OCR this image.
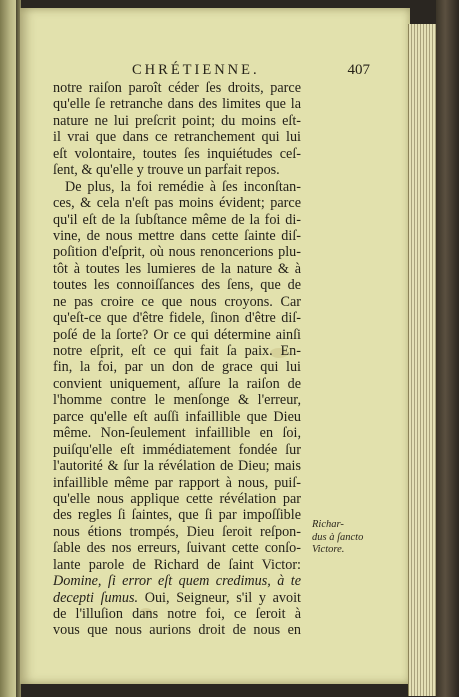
CHRÉTIENNE.	407
notre raiſon paroît céder ſes droits, parce
qu'elle ſe retranche dans des limites que la
nature ne lui preſcrit point; du moins eſt-
il vrai que dans ce retranchement qui lui
eſt volontaire, toutes ſes inquiétudes ceſ-
ſent, & qu'elle y trouve un parfait repos.
De plus, la foi remédie à ſes inconſtan-
ces, & cela n'eſt pas moins évident; parce
qu'il eſt de la ſubſtance même de la foi di-
vine, de nous mettre dans cette ſainte diſ-
poſition d'eſprit, où nous renoncerions plu-
tôt à toutes les lumieres de la nature & à
toutes les connoiſſances des ſens, que de
ne pas croire ce que nous croyons. Car
qu'eſt-ce que d'être fidele, ſinon d'être diſ-
poſé de la ſorte? Or ce qui détermine ainſi
notre eſprit, eſt ce qui fait ſa paix. En-
fin, la foi, par un don de grace qui lui
convient uniquement, aſſure la raiſon de
l'homme contre le menſonge & l'erreur,
parce qu'elle eſt auſſi infaillible que Dieu
même. Non-ſeulement infaillible en ſoi,
puiſqu'elle eſt immédiatement fondée ſur
l'autorité & ſur la révélation de Dieu; mais
infaillible même par rapport à nous, puiſ-
qu'elle nous applique cette révélation par
des regles ſi ſaintes, que ſi par impoſſible
nous étions trompés, Dieu ſeroit reſpon-
ſable des nos erreurs, ſuivant cette conſo-
lante parole de Richard de ſaint Victor:
Domine, ſi error eſt quem credimus, à te
decepti ſumus. Oui, Seigneur, s'il y avoit
de l'illuſion dans notre foi, ce ſeroit à
vous que nous aurions droit de nous en
Richar-
dus à ſancto
Victore.
